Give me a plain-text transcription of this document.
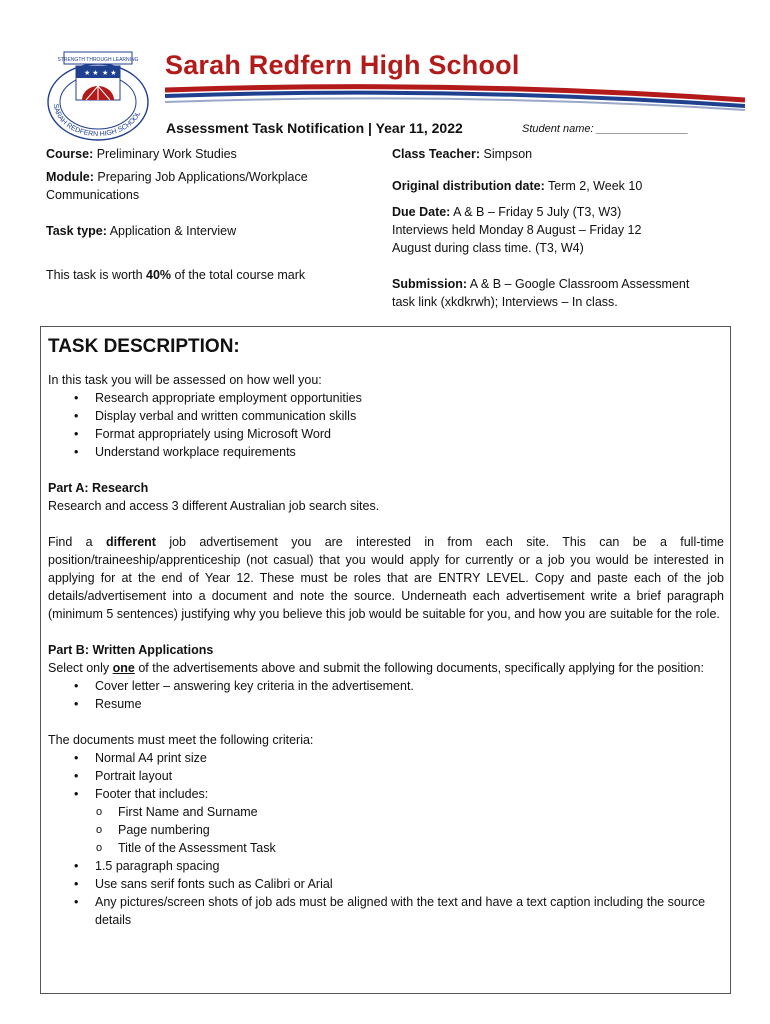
STRENGTH THROUGH LEARNING
★ ★ ★ ★
SARAH REDFERN HIGH SCHOOL
Sarah Redfern High School
Assessment Task Notification | Year 11, 2022	Student name: _______________
Course: Preliminary Work Studies
Module: Preparing Job Applications/Workplace
Communications
Task type: Application & Interview
This task is worth 40% of the total course mark
Class Teacher: Simpson
Original distribution date: Term 2, Week 10
Due Date: A & B – Friday 5 July (T3, W3)
Interviews held Monday 8 August – Friday 12
August during class time. (T3, W4)
Submission: A & B – Google Classroom Assessment
task link (xkdkrwh); Interviews – In class.
TASK DESCRIPTION:
In this task you will be assessed on how well you:
• Research appropriate employment opportunities
• Display verbal and written communication skills
• Format appropriately using Microsoft Word
• Understand workplace requirements
Part A: Research
Research and access 3 different Australian job search sites.
Find a different job advertisement you are interested in from each site. This can be a full-time position/traineeship/apprenticeship (not casual) that you would apply for currently or a job you would be interested in applying for at the end of Year 12. These must be roles that are ENTRY LEVEL. Copy and paste each of the job details/advertisement into a document and note the source. Underneath each advertisement write a brief paragraph (minimum 5 sentences) justifying why you believe this job would be suitable for you, and how you are suitable for the role.
Part B: Written Applications
Select only one of the advertisements above and submit the following documents, specifically applying for the position:
• Cover letter – answering key criteria in the advertisement.
• Resume
The documents must meet the following criteria:
• Normal A4 print size
• Portrait layout
• Footer that includes:
o First Name and Surname
o Page numbering
o Title of the Assessment Task
• 1.5 paragraph spacing
• Use sans serif fonts such as Calibri or Arial
• Any pictures/screen shots of job ads must be aligned with the text and have a text caption including the source details
